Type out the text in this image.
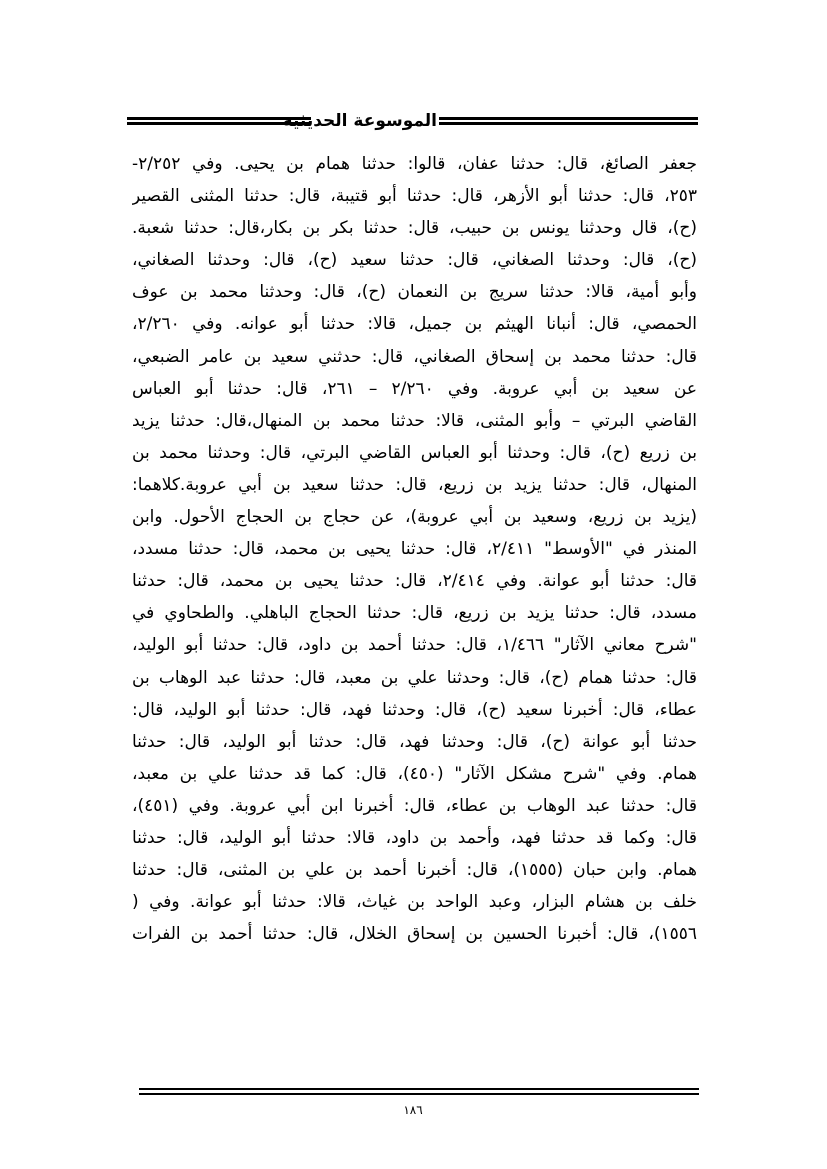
الموسوعة الحديثية
جعفر الصائغ، قال: حدثنا عفان، قالوا: حدثنا همام بن يحيى. وفي ٢/٢٥٢-
٢٥٣، قال: حدثنا أبو الأزهر، قال: حدثنا أبو قتيبة، قال: حدثنا المثنى القصير
(ح)، قال وحدثنا يونس بن حبيب، قال: حدثنا بكر بن بكار،قال: حدثنا شعبة.
(ح)، قال: وحدثنا الصغاني، قال: حدثنا سعيد (ح)، قال: وحدثنا الصغاني،
وأبو أمية، قالا: حدثنا سريج بن النعمان (ح)، قال: وحدثنا محمد بن عوف
الحمصي، قال: أنبانا الهيثم بن جميل، قالا: حدثنا أبو عوانه. وفي ٢/٢٦٠،
قال: حدثنا محمد بن إسحاق الصغاني، قال: حدثني سعيد بن عامر الضبعي،
عن سعيد بن أبي عروبة. وفي ٢/٢٦٠ – ٢٦١، قال: حدثنا أبو العباس
القاضي البرتي – وأبو المثنى، قالا: حدثنا محمد بن المنهال،قال: حدثنا يزيد
بن زريع (ح)، قال: وحدثنا أبو العباس القاضي البرتي، قال: وحدثنا محمد بن
المنهال، قال: حدثنا يزيد بن زريع، قال: حدثنا سعيد بن أبي عروبة.كلاهما:
(يزيد بن زريع، وسعيد بن أبي عروبة)، عن حجاج بن الحجاج الأحول. وابن
المنذر في "الأوسط" ٢/٤١١، قال: حدثنا يحيى بن محمد، قال: حدثنا مسدد،
قال: حدثنا أبو عوانة. وفي ٢/٤١٤، قال: حدثنا يحيى بن محمد، قال: حدثنا
مسدد، قال: حدثنا يزيد بن زريع، قال: حدثنا الحجاج الباهلي. والطحاوي في
"شرح معاني الآثار" ١/٤٦٦، قال: حدثنا أحمد بن داود، قال: حدثنا أبو الوليد،
قال: حدثنا همام (ح)، قال: وحدثنا علي بن معبد، قال: حدثنا عبد الوهاب بن
عطاء، قال: أخبرنا سعيد (ح)، قال: وحدثنا فهد، قال: حدثنا أبو الوليد، قال:
حدثنا أبو عوانة (ح)، قال: وحدثنا فهد، قال: حدثنا أبو الوليد، قال: حدثنا
همام. وفي "شرح مشكل الآثار" (٤٥٠)، قال: كما قد حدثنا علي بن معبد،
قال: حدثنا عبد الوهاب بن عطاء، قال: أخبرنا ابن أبي عروبة. وفي (٤٥١)،
قال: وكما قد حدثنا فهد، وأحمد بن داود، قالا: حدثنا أبو الوليد، قال: حدثنا
همام. وابن حبان (١٥٥٥)، قال: أخبرنا أحمد بن علي بن المثنى، قال: حدثنا
خلف بن هشام البزار، وعبد الواحد بن غياث، قالا: حدثنا أبو عوانة. وفي (
١٥٥٦)، قال: أخبرنا الحسين بن إسحاق الخلال، قال: حدثنا أحمد بن الفرات
١٨٦
